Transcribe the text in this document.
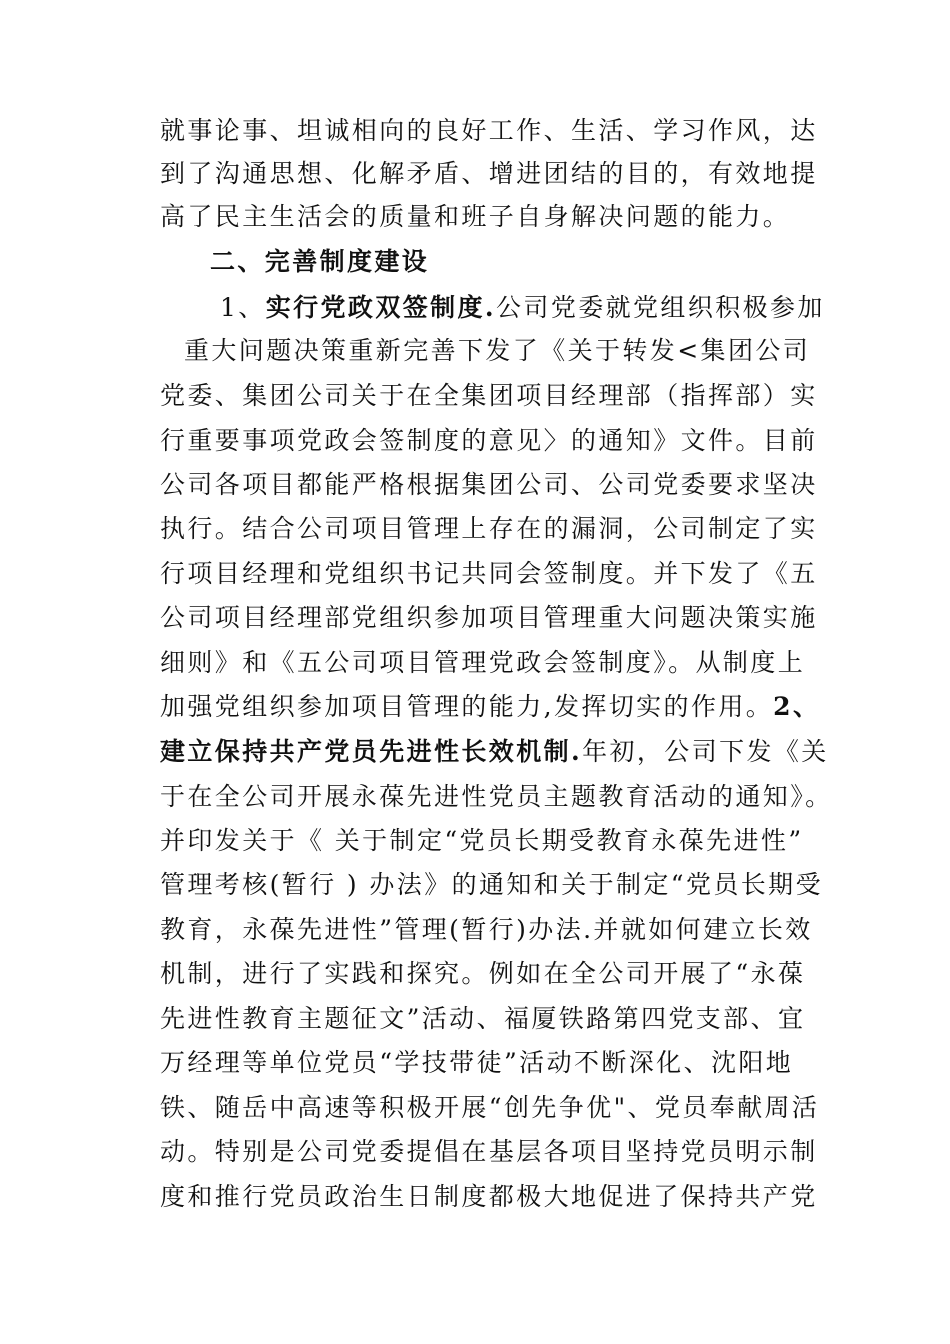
就事论事、坦诚相向的良好工作、生活、学习作风，达
到了沟通思想、化解矛盾、增进团结的目的，有效地提
高了民主生活会的质量和班子自身解决问题的能力。
二、完善制度建设
1、实行党政双签制度.公司党委就党组织积极参加
重大问题决策重新完善下发了《关于转发<集团公司
党委、集团公司关于在全集团项目经理部（指挥部）实
行重要事项党政会签制度的意见〉的通知》文件。目前
公司各项目都能严格根据集团公司、公司党委要求坚决
执行。结合公司项目管理上存在的漏洞，公司制定了实
行项目经理和党组织书记共同会签制度。并下发了《五
公司项目经理部党组织参加项目管理重大问题决策实施
细则》和《五公司项目管理党政会签制度》。从制度上
加强党组织参加项目管理的能力,发挥切实的作用。2、
建立保持共产党员先进性长效机制.年初，公司下发《关
于在全公司开展永葆先进性党员主题教育活动的通知》。
并印发关于《 关于制定“党员长期受教育永葆先进性”
管理考核(暂行 ) 办法》的通知和关于制定“党员长期受
教育，永葆先进性”管理(暂行)办法.并就如何建立长效
机制，进行了实践和探究。例如在全公司开展了“永葆
先进性教育主题征文”活动、福厦铁路第四党支部、宜
万经理等单位党员“学技带徒”活动不断深化、沈阳地
铁、随岳中高速等积极开展“创先争优"、党员奉献周活
动。特别是公司党委提倡在基层各项目坚持党员明示制
度和推行党员政治生日制度都极大地促进了保持共产党
